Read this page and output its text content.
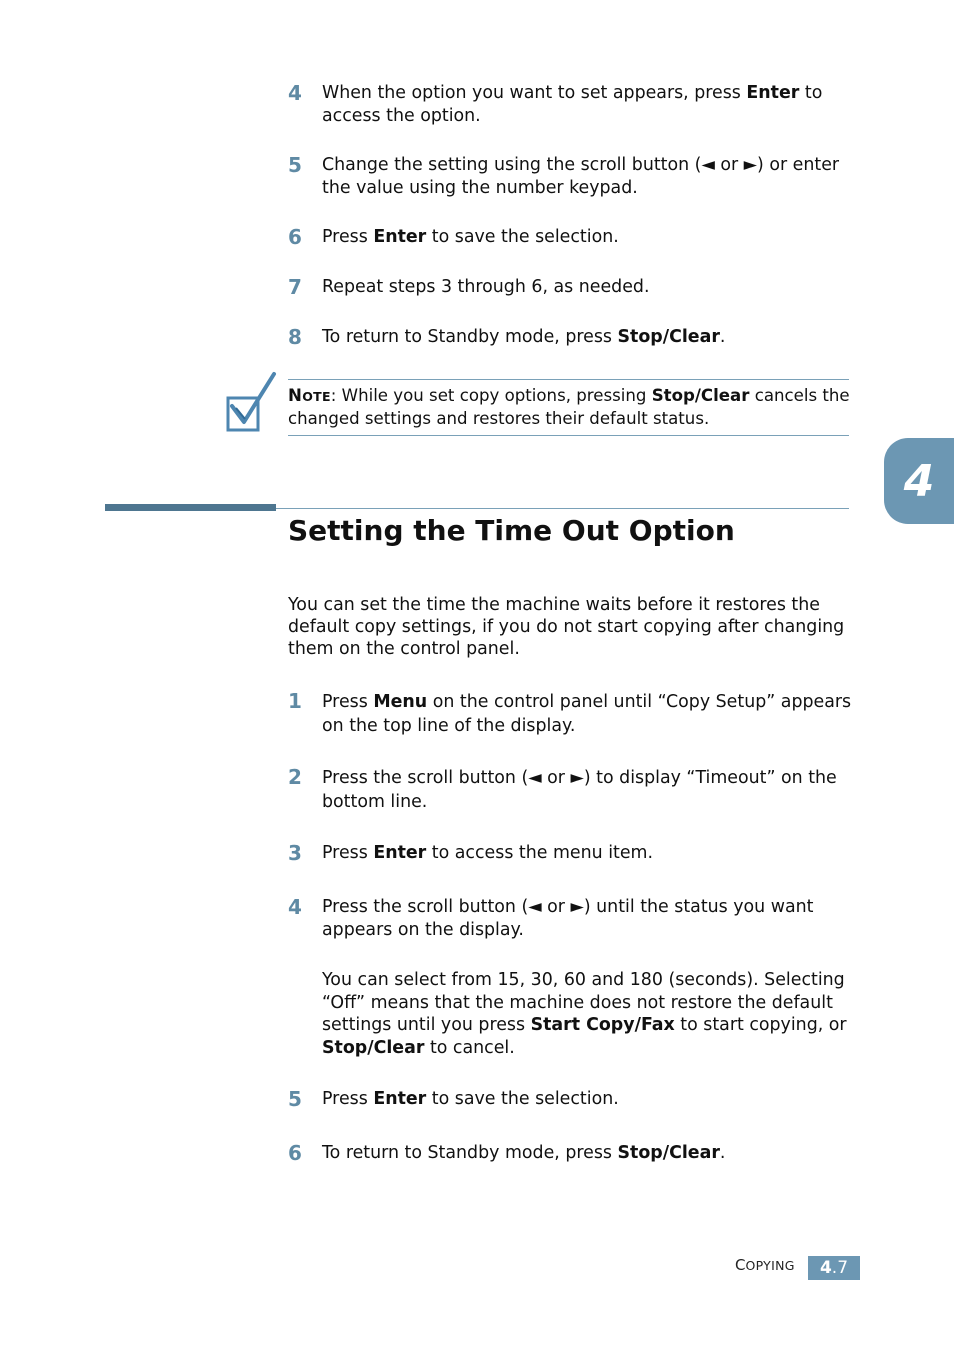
4 When the option you want to set appears, press Enter to access the option.
5 Change the setting using the scroll button (◄ or ►) or enter the value using the number keypad.
6 Press Enter to save the selection.
7 Repeat steps 3 through 6, as needed.
8 To return to Standby mode, press Stop/Clear.
NOTE: While you set copy options, pressing Stop/Clear cancels the changed settings and restores their default status.
4
Setting the Time Out Option
You can set the time the machine waits before it restores the default copy settings, if you do not start copying after changing them on the control panel.
1 Press Menu on the control panel until “Copy Setup” appears on the top line of the display.
2 Press the scroll button (◄ or ►) to display “Timeout” on the bottom line.
3 Press Enter to access the menu item.
4 Press the scroll button (◄ or ►) until the status you want appears on the display.
You can select from 15, 30, 60 and 180 (seconds). Selecting “Off” means that the machine does not restore the default settings until you press Start Copy/Fax to start copying, or Stop/Clear to cancel.
5 Press Enter to save the selection.
6 To return to Standby mode, press Stop/Clear.
COPYING	4.7
